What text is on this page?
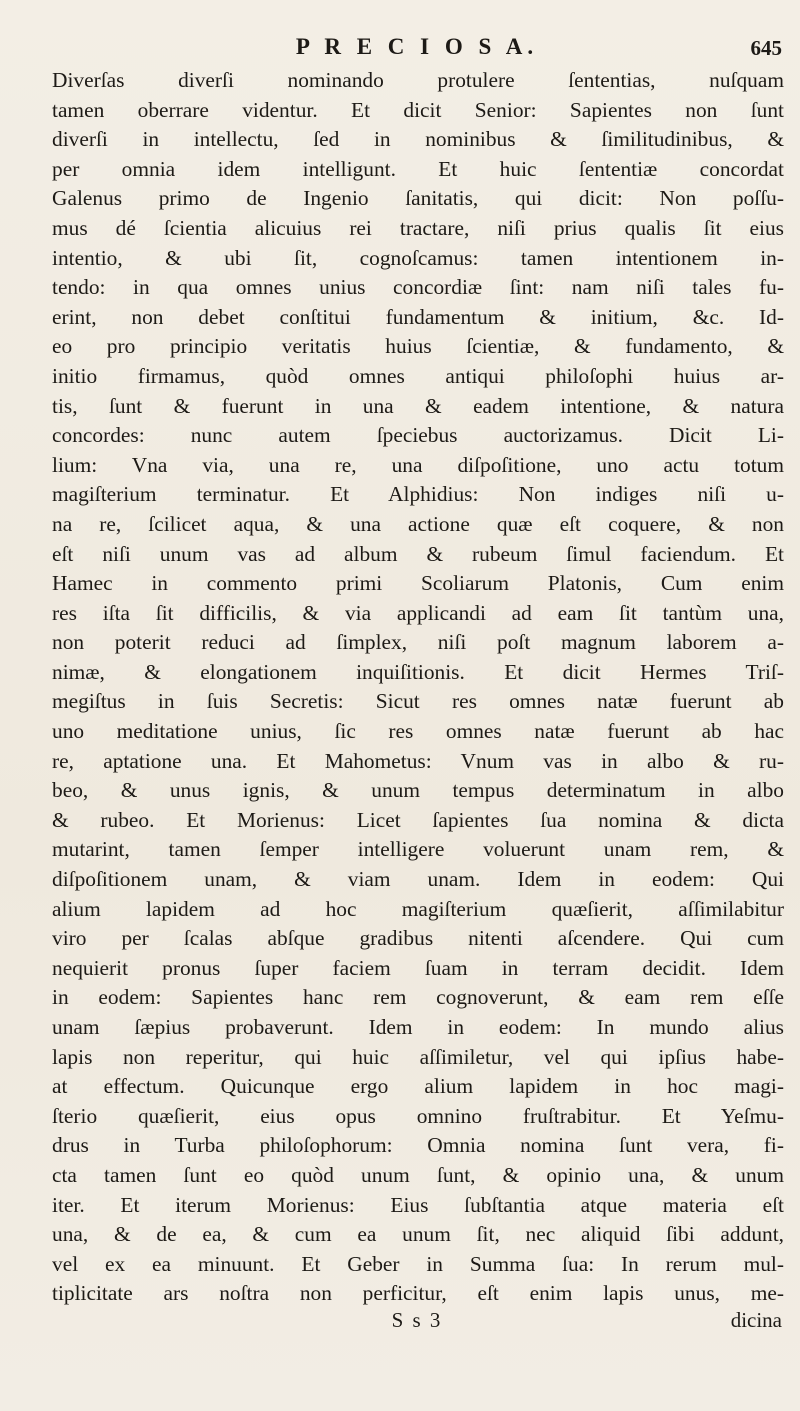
P R E C I O S A.	645
Diverſas diverſi nominando protulere ſententias, nuſquam
tamen oberrare videntur. Et dicit Senior: Sapientes non ſunt
diverſi in intellectu, ſed in nominibus & ſimilitudinibus, &
per omnia idem intelligunt. Et huic ſententiæ concordat
Galenus primo de Ingenio ſanitatis, qui dicit: Non poſſu-
mus dé ſcientia alicuius rei tractare, niſi prius qualis ſit eius
intentio, & ubi ſit, cognoſcamus: tamen intentionem in-
tendo: in qua omnes unius concordiæ ſint: nam niſi tales fu-
erint, non debet conſtitui fundamentum & initium, &c. Id-
eo pro principio veritatis huius ſcientiæ, & fundamento, &
initio firmamus, quòd omnes antiqui philoſophi huius ar-
tis, ſunt & fuerunt in una & eadem intentione, & natura
concordes: nunc autem ſpeciebus auctorizamus. Dicit Li-
lium: Vna via, una re, una diſpoſitione, uno actu totum
magiſterium terminatur. Et Alphidius: Non indiges niſi u-
na re, ſcilicet aqua, & una actione quæ eſt coquere, & non
eſt niſi unum vas ad album & rubeum ſimul faciendum. Et
Hamec in commento primi Scoliarum Platonis, Cum enim
res iſta ſit difficilis, & via applicandi ad eam ſit tantùm una,
non poterit reduci ad ſimplex, niſi poſt magnum laborem a-
nimæ, & elongationem inquiſitionis. Et dicit Hermes Triſ-
megiſtus in ſuis Secretis: Sicut res omnes natæ fuerunt ab
uno meditatione unius, ſic res omnes natæ fuerunt ab hac
re, aptatione una. Et Mahometus: Vnum vas in albo & ru-
beo, & unus ignis, & unum tempus determinatum in albo
& rubeo. Et Morienus: Licet ſapientes ſua nomina & dicta
mutarint, tamen ſemper intelligere voluerunt unam rem, &
diſpoſitionem unam, & viam unam. Idem in eodem: Qui
alium lapidem ad hoc magiſterium quæſierit, aſſimilabitur
viro per ſcalas abſque gradibus nitenti aſcendere. Qui cum
nequierit pronus ſuper faciem ſuam in terram decidit. Idem
in eodem: Sapientes hanc rem cognoverunt, & eam rem eſſe
unam ſæpius probaverunt. Idem in eodem: In mundo alius
lapis non reperitur, qui huic aſſimiletur, vel qui ipſius habe-
at effectum. Quicunque ergo alium lapidem in hoc magi-
ſterio quæſierit, eius opus omnino fruſtrabitur. Et Yeſmu-
drus in Turba philoſophorum: Omnia nomina ſunt vera, fi-
cta tamen ſunt eo quòd unum ſunt, & opinio una, & unum
iter. Et iterum Morienus: Eius ſubſtantia atque materia eſt
una, & de ea, & cum ea unum ſit, nec aliquid ſibi addunt,
vel ex ea minuunt. Et Geber in Summa ſua: In rerum mul-
tiplicitate ars noſtra non perficitur, eſt enim lapis unus, me-
S s 3	dicina
